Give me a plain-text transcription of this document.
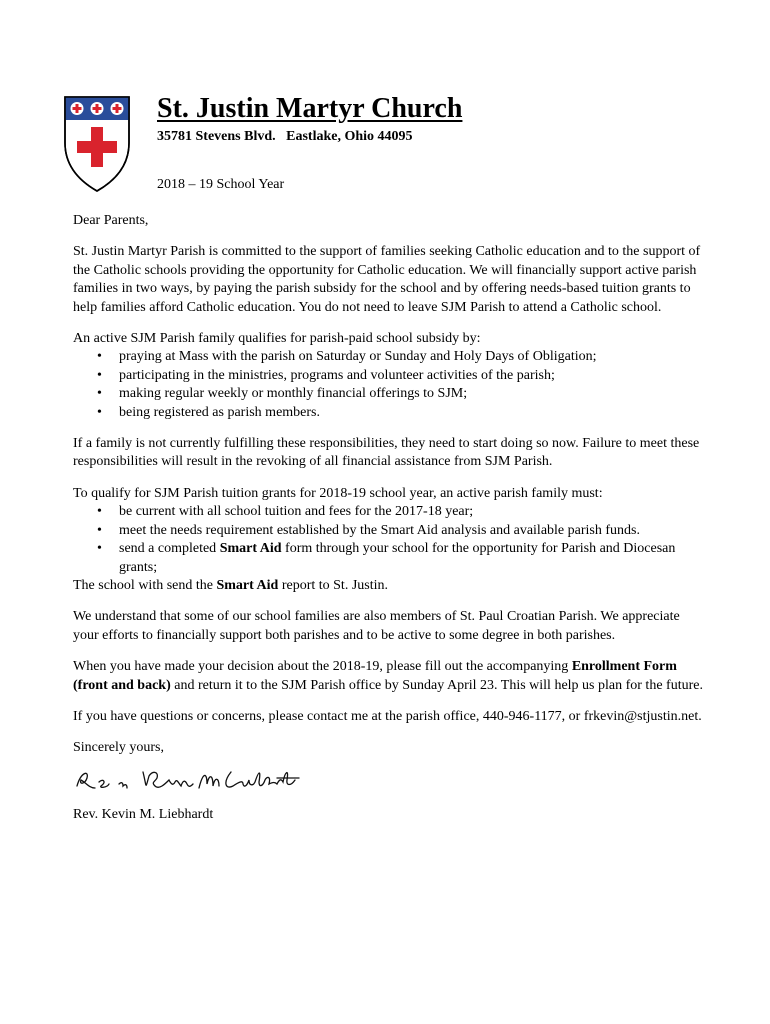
St. Justin Martyr Church
35781 Stevens Blvd.   Eastlake, Ohio 44095
2018 – 19 School Year

Dear Parents,

St. Justin Martyr Parish is committed to the support of families seeking Catholic education and to the support of the Catholic schools providing the opportunity for Catholic education. We will financially support active parish families in two ways, by paying the parish subsidy for the school and by offering needs-based tuition grants to help families afford Catholic education. You do not need to leave SJM Parish to attend a Catholic school.

An active SJM Parish family qualifies for parish-paid school subsidy by:

• praying at Mass with the parish on Saturday or Sunday and Holy Days of Obligation;
• participating in the ministries, programs and volunteer activities of the parish;
• making regular weekly or monthly financial offerings to SJM;
• being registered as parish members.

If a family is not currently fulfilling these responsibilities, they need to start doing so now. Failure to meet these responsibilities will result in the revoking of all financial assistance from SJM Parish.

To qualify for SJM Parish tuition grants for 2018-19 school year, an active parish family must:

• be current with all school tuition and fees for the 2017-18 year;
• meet the needs requirement established by the Smart Aid analysis and available parish funds.
• send a completed Smart Aid form through your school for the opportunity for Parish and Diocesan grants;

The school with send the Smart Aid report to St. Justin.

We understand that some of our school families are also members of St. Paul Croatian Parish. We appreciate your efforts to financially support both parishes and to be active to some degree in both parishes.

When you have made your decision about the 2018-19, please fill out the accompanying Enrollment Form (front and back) and return it to the SJM Parish office by Sunday April 23. This will help us plan for the future.

If you have questions or concerns, please contact me at the parish office, 440-946-1177, or frkevin@stjustin.net.

Sincerely yours,

Rev. Kevin M. Liebhardt
